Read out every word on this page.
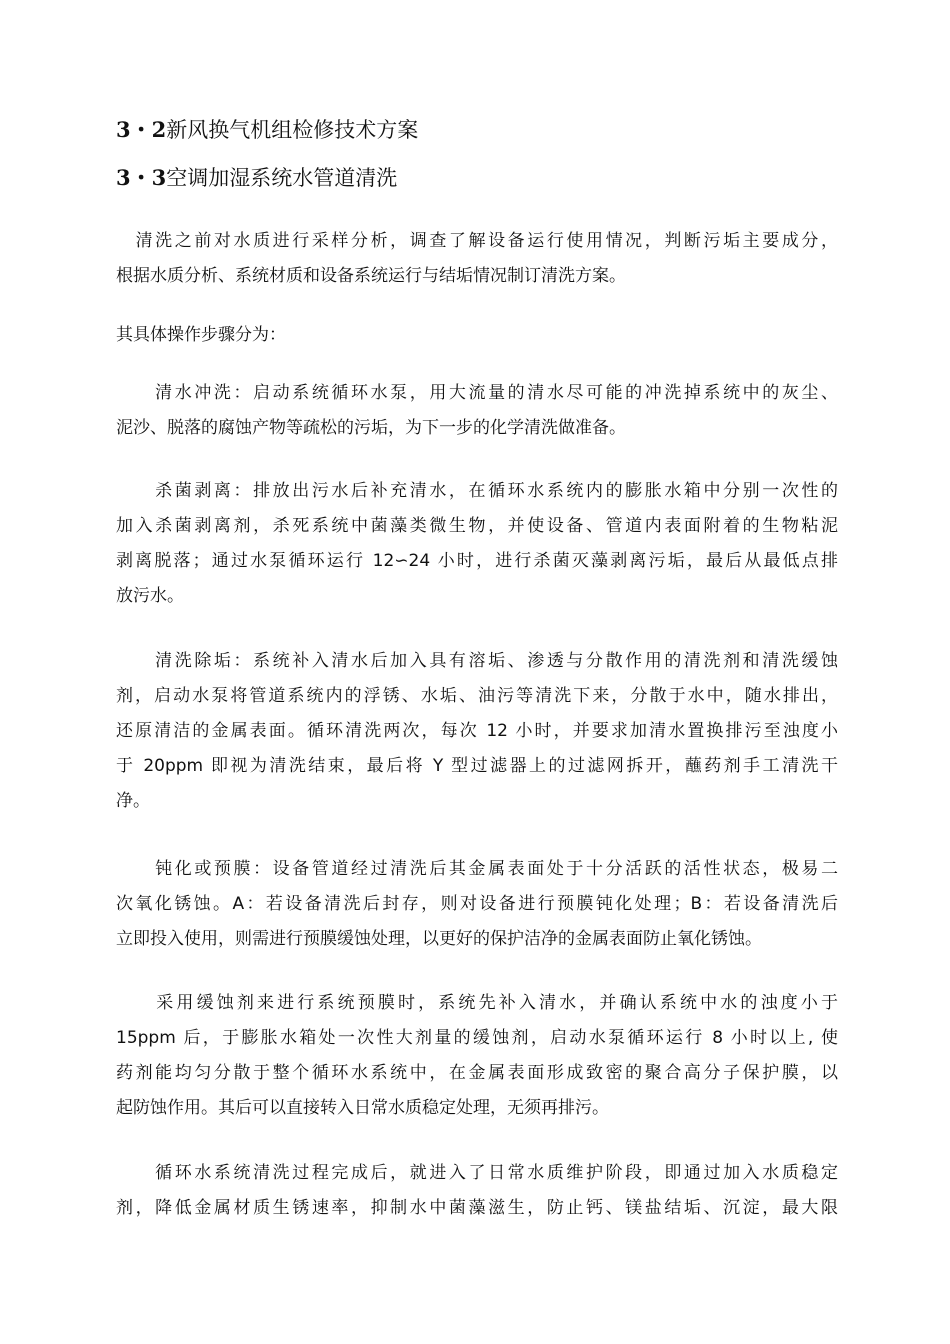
3・2新风换气机组检修技术方案
3・3空调加湿系统水管道清洗

　清洗之前对水质进行采样分析，调查了解设备运行使用情况，判断污垢主要成分，
根据水质分析、系统材质和设备系统运行与结垢情况制订清洗方案。

其具体操作步骤分为：

　　清水冲洗：启动系统循环水泵，用大流量的清水尽可能的冲洗掉系统中的灰尘、
泥沙、脱落的腐蚀产物等疏松的污垢，为下一步的化学清洗做准备。

　　杀菌剥离：排放出污水后补充清水，在循环水系统内的膨胀水箱中分别一次性的
加入杀菌剥离剂，杀死系统中菌藻类微生物，并使设备、管道内表面附着的生物粘泥
剥离脱落；通过水泵循环运行 12∽24 小时，进行杀菌灭藻剥离污垢，最后从最低点排
放污水。

　　清洗除垢：系统补入清水后加入具有溶垢、渗透与分散作用的清洗剂和清洗缓蚀
剂，启动水泵将管道系统内的浮锈、水垢、油污等清洗下来，分散于水中，随水排出，
还原清洁的金属表面。循环清洗两次，每次 12 小时，并要求加清水置换排污至浊度小
于 20ppm 即视为清洗结束，最后将 Y 型过滤器上的过滤网拆开，蘸药剂手工清洗干
净。

　　钝化或预膜：设备管道经过清洗后其金属表面处于十分活跃的活性状态，极易二
次氧化锈蚀。A：若设备清洗后封存，则对设备进行预膜钝化处理；B：若设备清洗后
立即投入使用，则需进行预膜缓蚀处理，以更好的保护洁净的金属表面防止氧化锈蚀。

　　采用缓蚀剂来进行系统预膜时，系统先补入清水，并确认系统中水的浊度小于
15ppm 后，于膨胀水箱处一次性大剂量的缓蚀剂，启动水泵循环运行 8 小时以上, 使
药剂能均匀分散于整个循环水系统中，在金属表面形成致密的聚合高分子保护膜，以
起防蚀作用。其后可以直接转入日常水质稳定处理，无须再排污。

　　循环水系统清洗过程完成后，就进入了日常水质维护阶段，即通过加入水质稳定
剂，降低金属材质生锈速率，抑制水中菌藻滋生，防止钙、镁盐结垢、沉淀，最大限
